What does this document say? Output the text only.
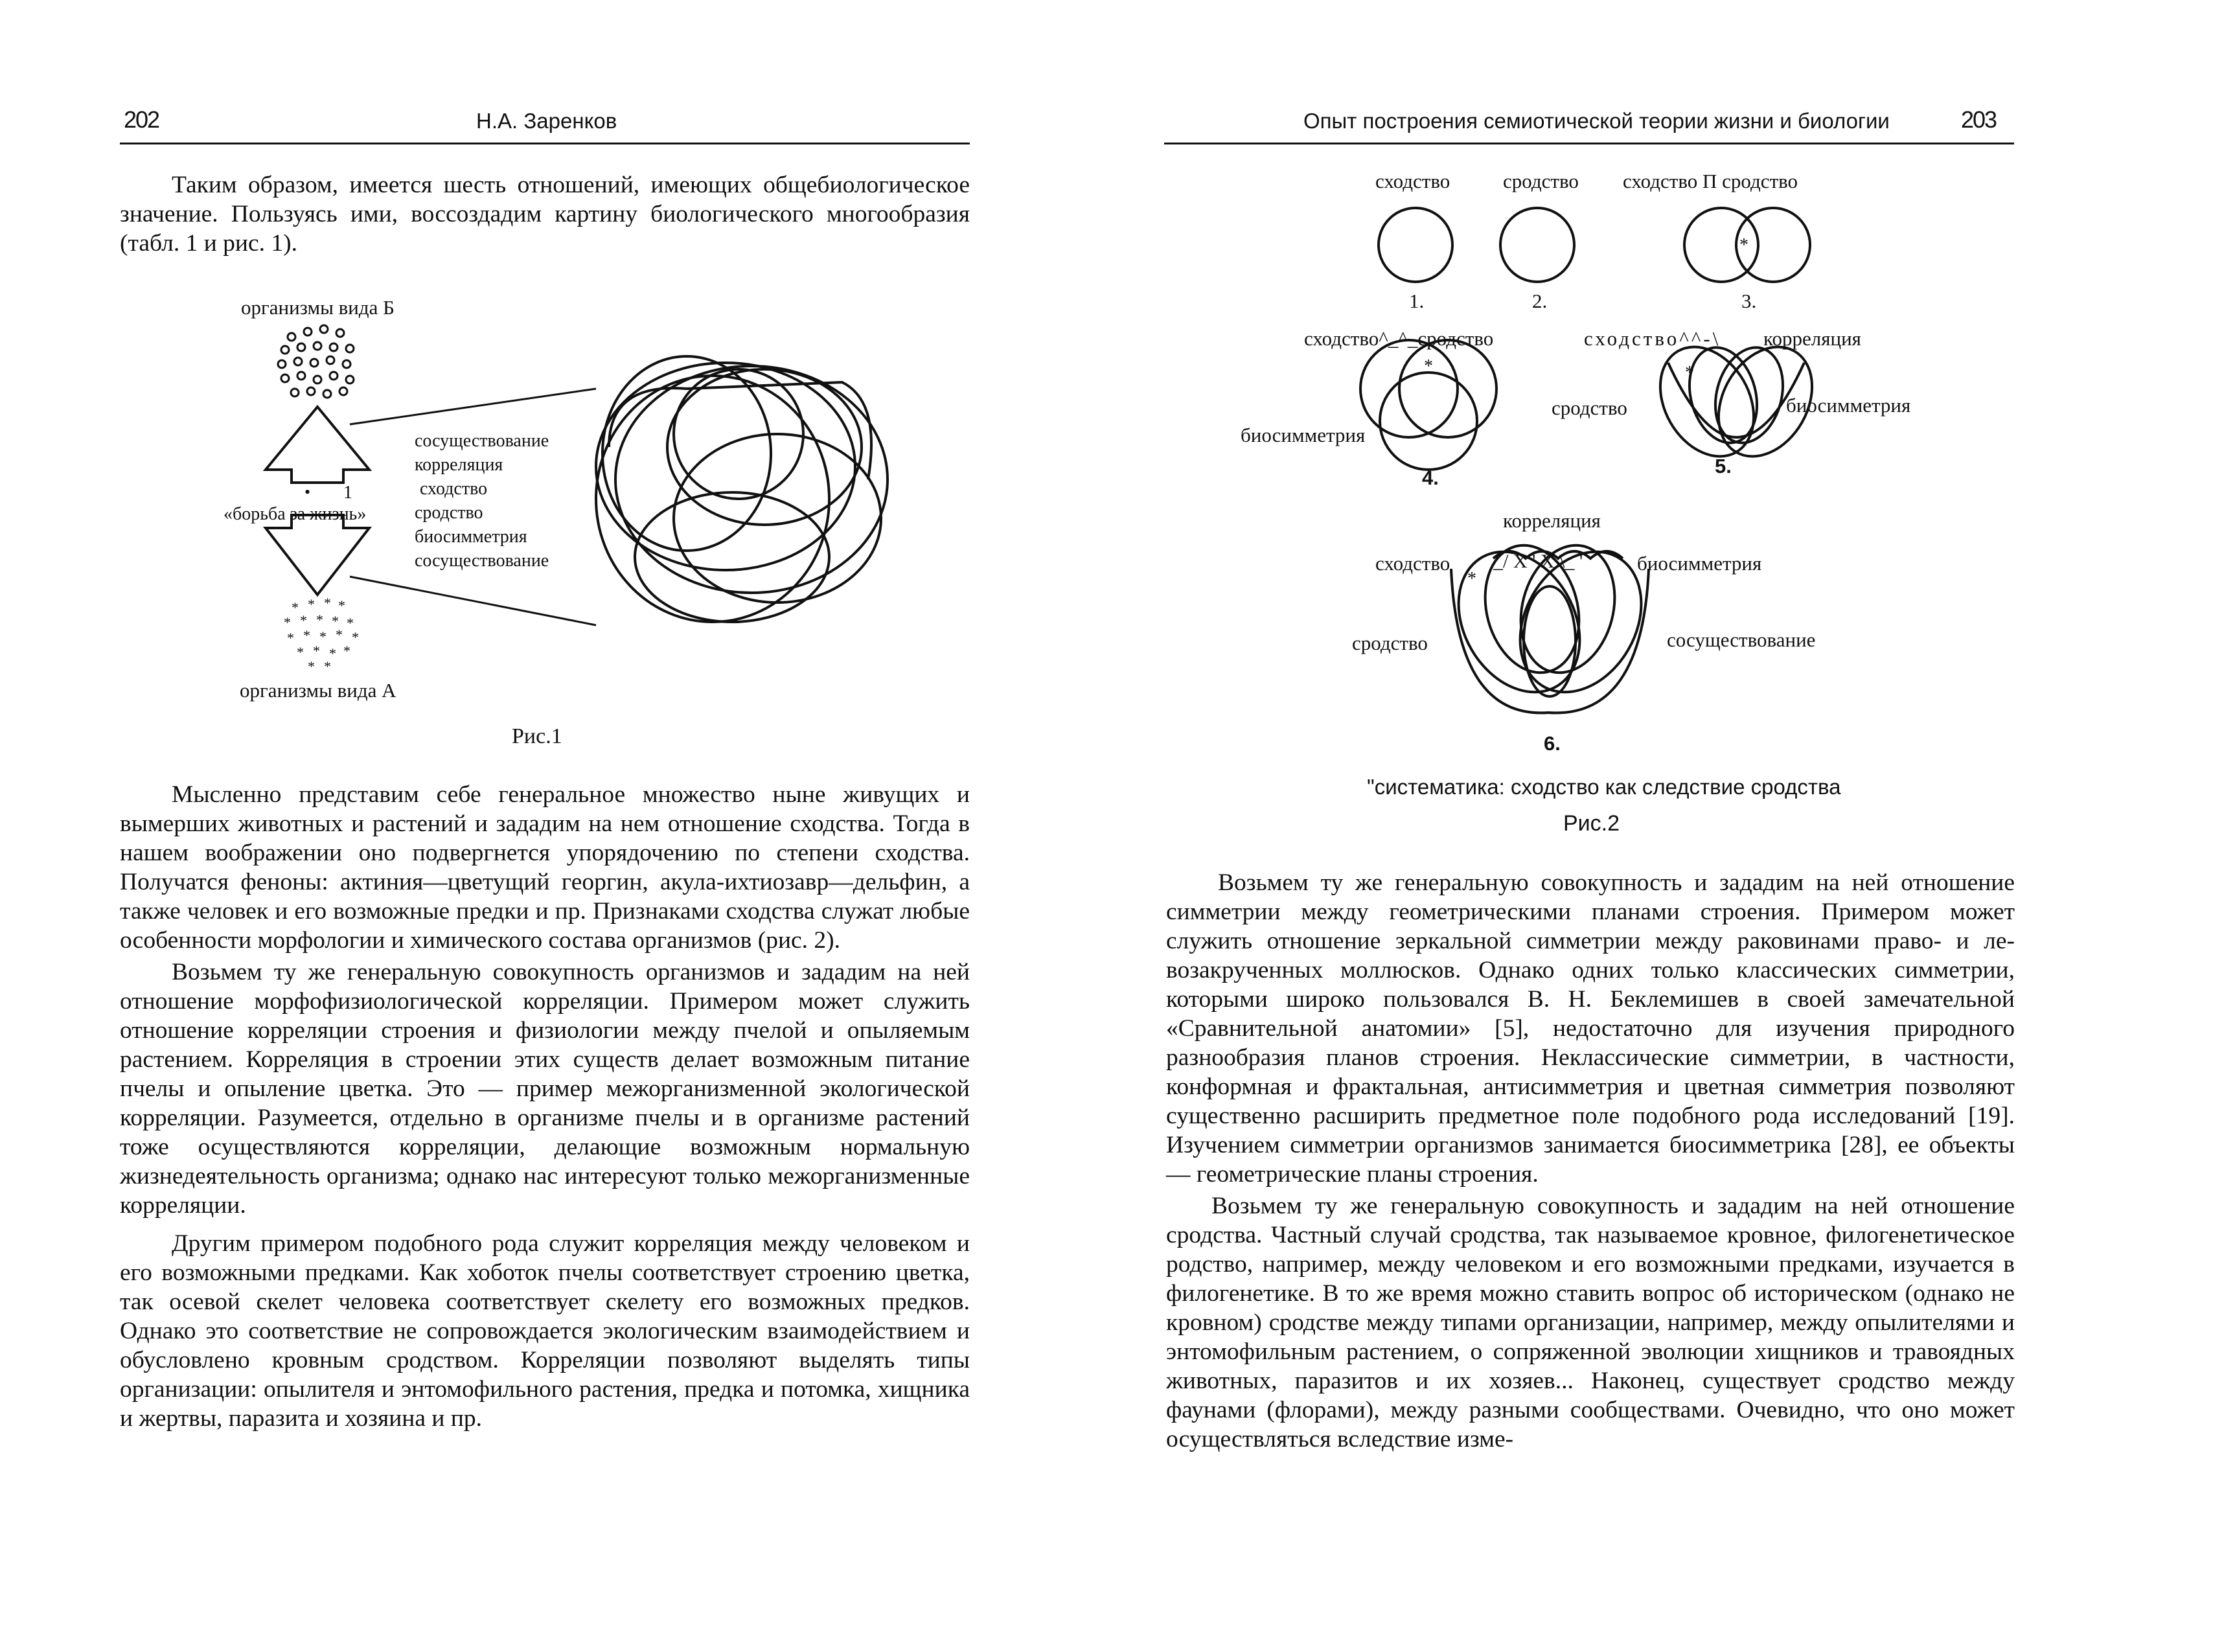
202	Н.А. Заренков

Таким образом, имеется шесть отношений, имеющих общебиологическое значение. Пользуясь ими, воссоздадим картину биологического многообразия (табл. 1 и рис. 1).

* * * *
* * * * *
* * * * *
* * * *
* *
организмы вида Б
организмы вида А
«борьба за жизнь»
• 1
сосуществование
корреляция
сходство
сродство
биосимметрия
сосуществование
Рис.1

Мысленно представим себе генеральное множество ныне живущих и вымерших животных и растений и зададим на нем отношение сходства. Тогда в нашем воображении оно подвергнется упорядочению по степени сходства. Получатся феноны: актиния—цветущий георгин, акула-ихтиозавр—дельфин, а также человек и его возможные предки и пр. Признаками сходства служат любые особенности морфологии и химического состава организмов (рис. 2).

Возьмем ту же генеральную совокупность организмов и зададим на ней отношение морфофизиологической корреляции. Примером может служить отношение корреляции строения и физиологии между пчелой и опыляемым растением. Корреляция в строении этих существ делает возможным питание пчелы и опыление цветка. Это — пример межорганизменной экологической корреляции. Разумеется, отдельно в организме пчелы и в организме растений тоже осуществляются корреляции, делающие возможным нормальную жизнедеятельность организма; однако нас интересуют только межорганизменные корреляции.

Другим примером подобного рода служит корреляция между человеком и его возможными предками. Как хоботок пчелы соответствует строению цветка, так осевой скелет человека соответствует скелету его возможных предков. Однако это соответствие не сопровождается экологическим взаимодействием и обусловлено кровным сродством. Корреляции позволяют выделять типы организации: опылителя и энтомофильного растения, предка и потомка, хищника и жертвы, паразита и хозяина и пр.

Опыт построения семиотической теории жизни и биологии	203
сходство	сродство сходство П сродство
*
1.	2.	3.
сходство^_^_сродство
*
биосимметрия
4.
сходство^^-\ корреляция
*
сродство	биосимметрия
5.
корреляция
сходство _/ X ' X \_ '
*
биосимметрия
сродство	сосуществование
6.
"систематика: сходство как следствие сродства
Рис.2

Возьмем ту же генеральную совокупность и зададим на ней отношение симметрии между геометрическими планами строения. Примером может служить отношение зеркальной симметрии между раковинами право- и левозакрученных моллюсков. Однако одних только классических симметрии, которыми широко пользовался В. Н. Беклемишев в своей замечательной «Сравнительной анатомии» [5], недостаточно для изучения природного разнообразия планов строения. Неклассические симметрии, в частности, конформная и фрактальная, антисимметрия и цветная симметрия позволяют существенно расширить предметное поле подобного рода исследований [19]. Изучением симметрии организмов занимается биосимметрика [28], ее объекты — геометрические планы строения.

Возьмем ту же генеральную совокупность и зададим на ней отношение сродства. Частный случай сродства, так называемое кровное, филогенетическое родство, например, между человеком и его возможными предками, изучается в филогенетике. В то же время можно ставить вопрос об историческом (однако не кровном) сродстве между типами организации, например, между опылителями и энтомофильным растением, о сопряженной эволюции хищников и травоядных животных, паразитов и их хозяев... Наконец, существует сродство между фаунами (флорами), между разными сообществами. Очевидно, что оно может осуществляться вследствие изме-
